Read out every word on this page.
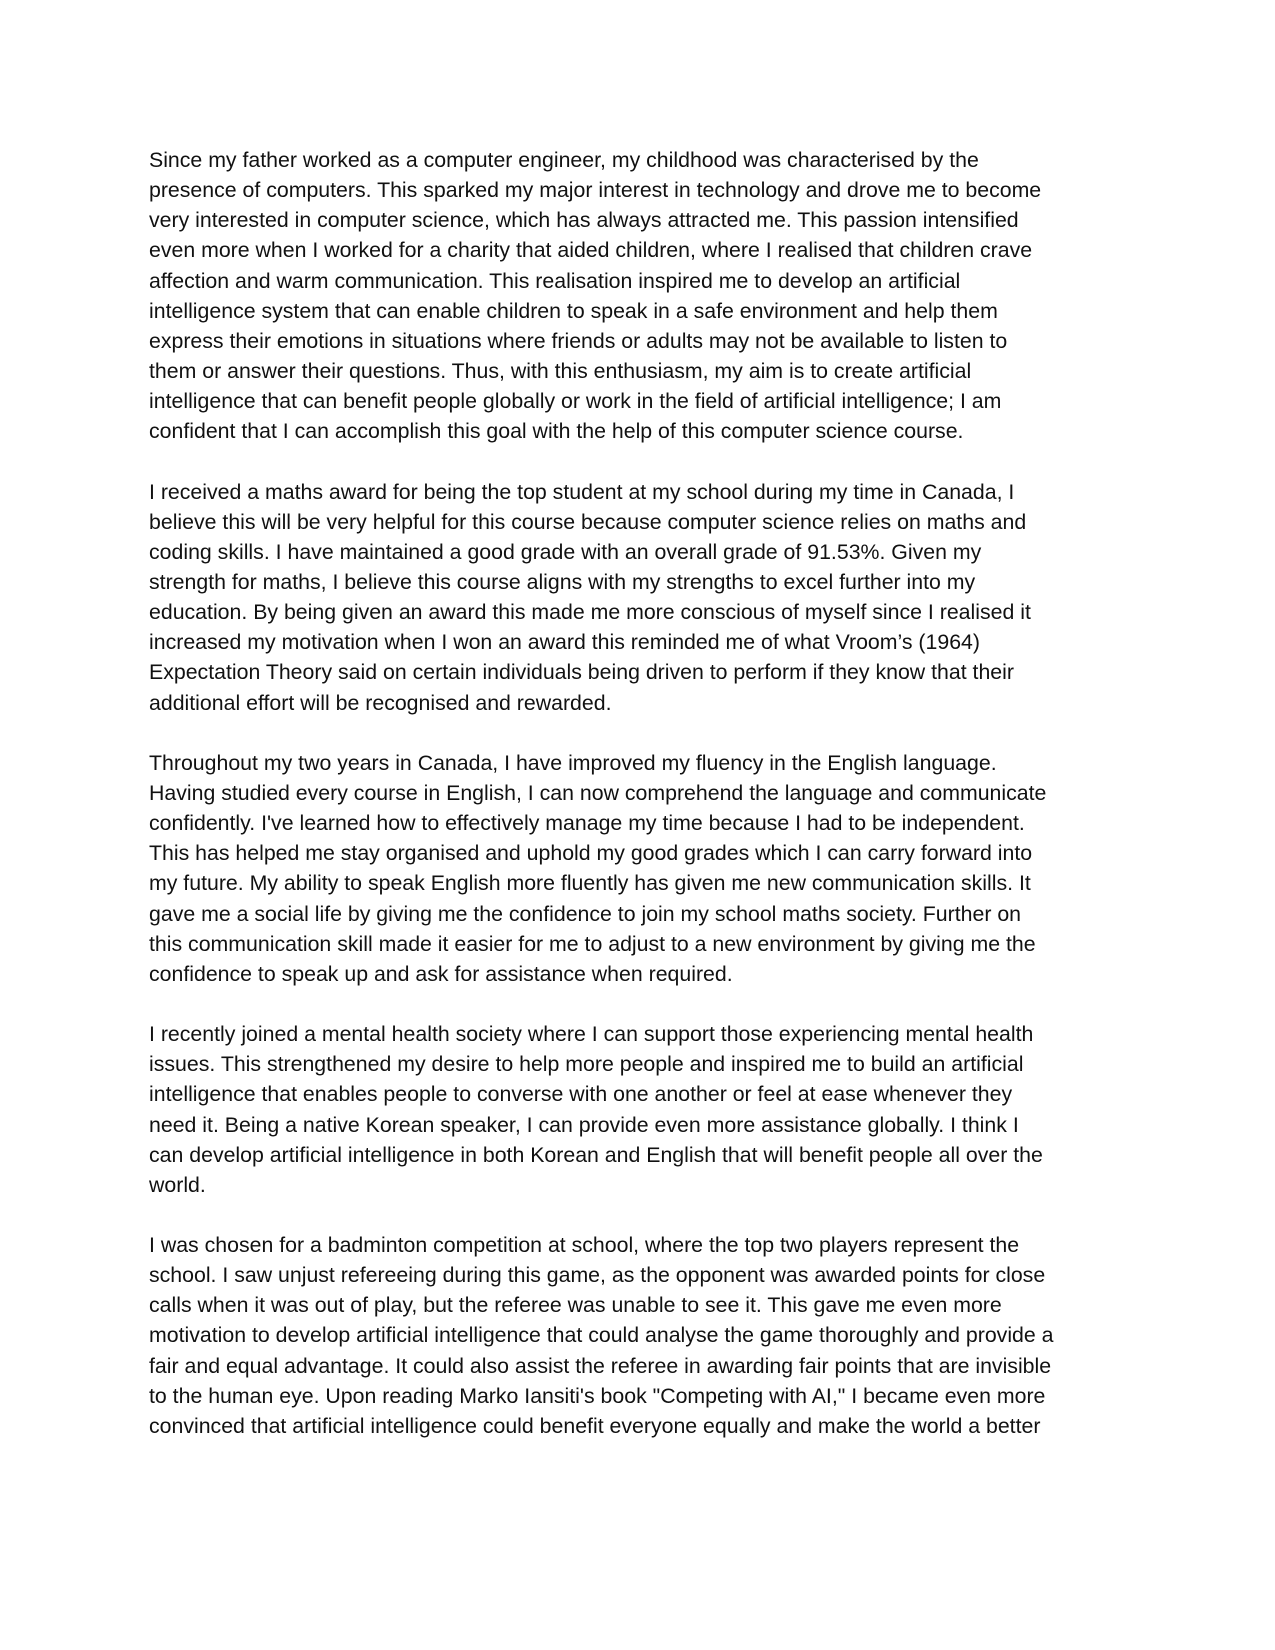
Since my father worked as a computer engineer, my childhood was characterised by the
presence of computers. This sparked my major interest in technology and drove me to become
very interested in computer science, which has always attracted me. This passion intensified
even more when I worked for a charity that aided children, where I realised that children crave
affection and warm communication. This realisation inspired me to develop an artificial
intelligence system that can enable children to speak in a safe environment and help them
express their emotions in situations where friends or adults may not be available to listen to
them or answer their questions. Thus, with this enthusiasm, my aim is to create artificial
intelligence that can benefit people globally or work in the field of artificial intelligence; I am
confident that I can accomplish this goal with the help of this computer science course.
I received a maths award for being the top student at my school during my time in Canada, I
believe this will be very helpful for this course because computer science relies on maths and
coding skills. I have maintained a good grade with an overall grade of 91.53%. Given my
strength for maths, I believe this course aligns with my strengths to excel further into my
education. By being given an award this made me more conscious of myself since I realised it
increased my motivation when I won an award this reminded me of what Vroom’s (1964)
Expectation Theory said on certain individuals being driven to perform if they know that their
additional effort will be recognised and rewarded.
Throughout my two years in Canada, I have improved my fluency in the English language.
Having studied every course in English, I can now comprehend the language and communicate
confidently. I've learned how to effectively manage my time because I had to be independent.
This has helped me stay organised and uphold my good grades which I can carry forward into
my future. My ability to speak English more fluently has given me new communication skills. It
gave me a social life by giving me the confidence to join my school maths society. Further on
this communication skill made it easier for me to adjust to a new environment by giving me the
confidence to speak up and ask for assistance when required.
I recently joined a mental health society where I can support those experiencing mental health
issues. This strengthened my desire to help more people and inspired me to build an artificial
intelligence that enables people to converse with one another or feel at ease whenever they
need it. Being a native Korean speaker, I can provide even more assistance globally. I think I
can develop artificial intelligence in both Korean and English that will benefit people all over the
world.
I was chosen for a badminton competition at school, where the top two players represent the
school. I saw unjust refereeing during this game, as the opponent was awarded points for close
calls when it was out of play, but the referee was unable to see it. This gave me even more
motivation to develop artificial intelligence that could analyse the game thoroughly and provide a
fair and equal advantage. It could also assist the referee in awarding fair points that are invisible
to the human eye. Upon reading Marko Iansiti's book "Competing with AI," I became even more
convinced that artificial intelligence could benefit everyone equally and make the world a better
